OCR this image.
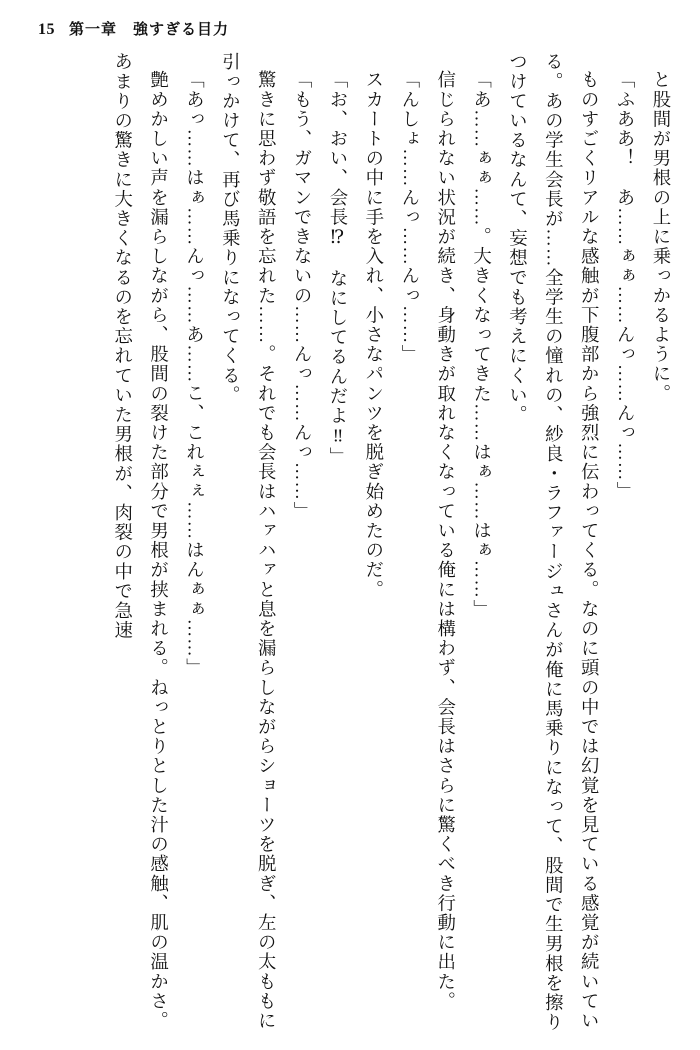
15 第一章　強すぎる目力

と股間が男根の上に乗っかるように。

「ふああ！　あ……ぁぁ……んっ……んっ……」

ものすごくリアルな感触が下腹部から強烈に伝わってくる。なのに頭の中では幻覚を見ている感覚が続いている。あの学生会長が……全学生の憧れの、紗良・ラファージュさんが俺に馬乗りになって、股間で生男根を擦りつけているなんて、妄想でも考えにくい。

「あ……ぁぁ……。大きくなってきた……はぁ……はぁ……」

信じられない状況が続き、身動きが取れなくなっている俺には構わず、会長はさらに驚くべき行動に出た。

「んしょ……んっ……んっ……」

スカートの中に手を入れ、小さなパンツを脱ぎ始めたのだ。

「お、おい、会長⁉　なにしてるんだよ‼」

「もう、ガマンできないの……んっ……んっ……」

驚きに思わず敬語を忘れた……。それでも会長はハァハァと息を漏らしながらショーツを脱ぎ、左の太ももに引っかけて、再び馬乗りになってくる。

「あっ……はぁ……んっ……あ……こ、これぇぇ……はんぁぁ……」

艶めかしい声を漏らしながら、股間の裂けた部分で男根が挟まれる。ねっとりとした汁の感触、肌の温かさ。あまりの驚きに大きくなるのを忘れていた男根が、肉裂の中で急速
